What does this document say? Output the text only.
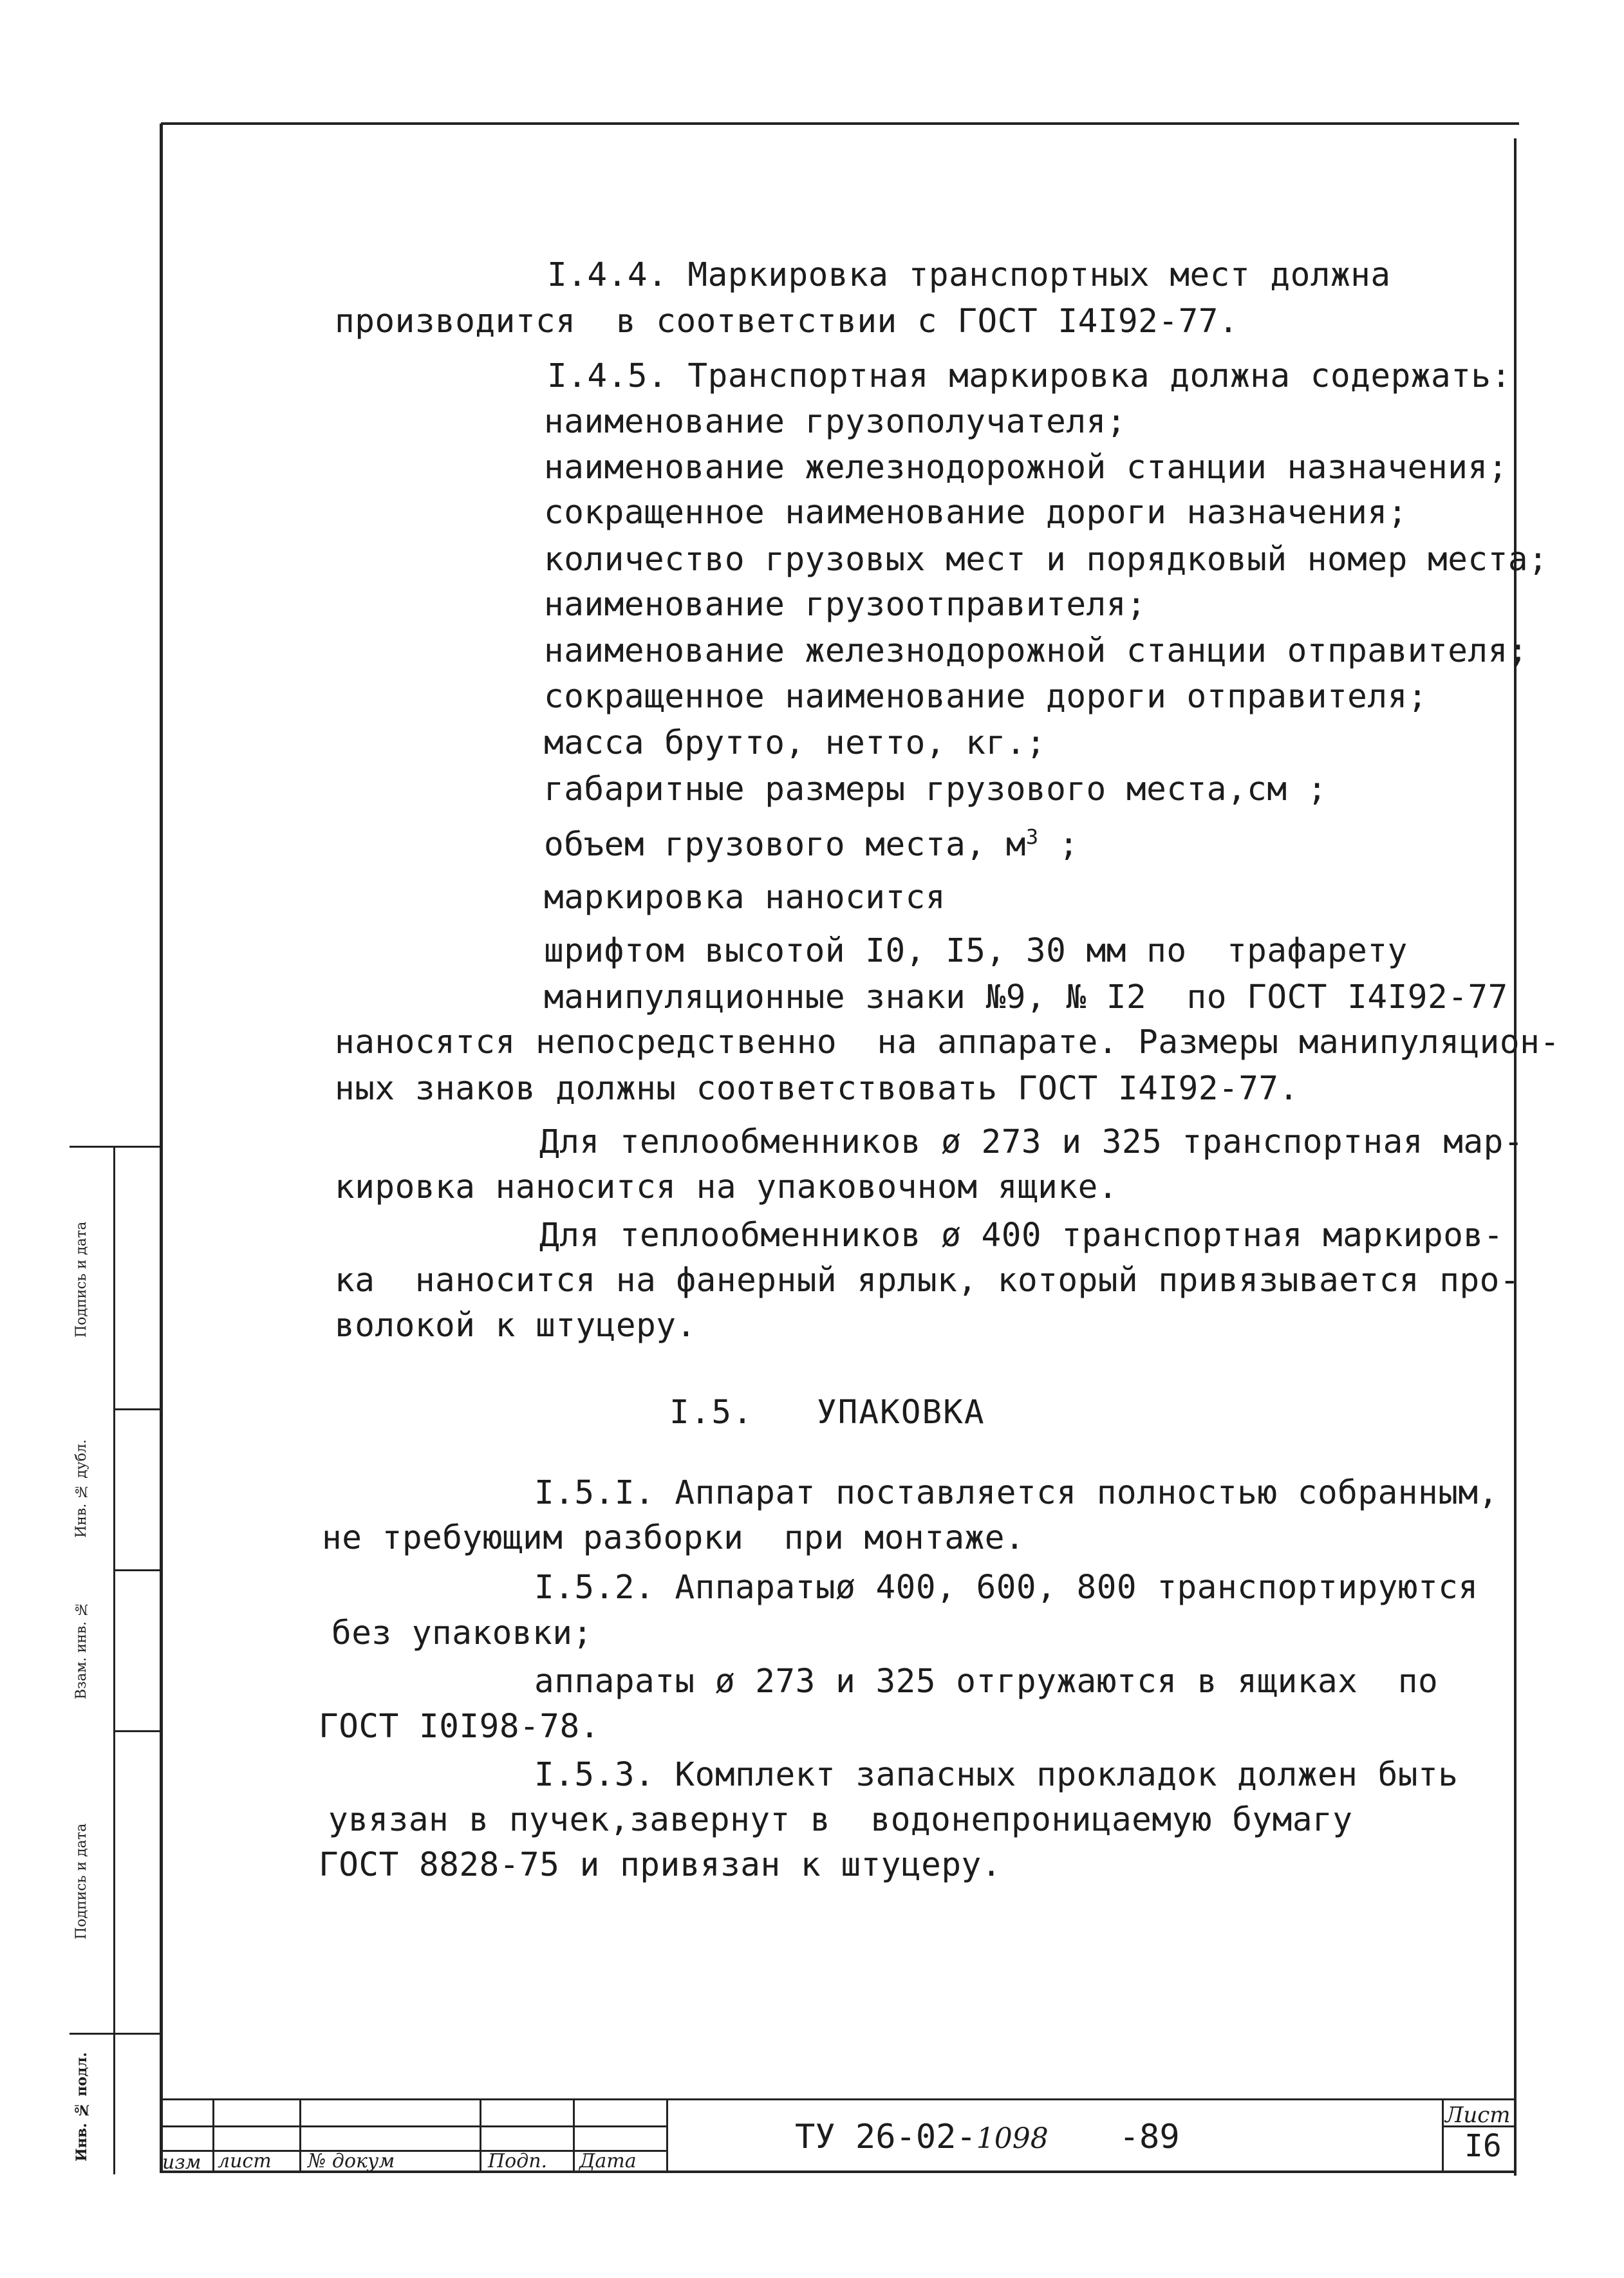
I.4.4. Маркировка транспортных мест должна
производится  в соответствии с ГОСТ I4I92-77.
I.4.5. Транспортная маркировка должна содержать:
наименование грузополучателя;
наименование железнодорожной станции назначения;
сокращенное наименование дороги назначения;
количество грузовых мест и порядковый номер места;
наименование грузоотправителя;
наименование железнодорожной станции отправителя;
сокращенное наименование дороги отправителя;
масса брутто, нетто, кг.;
габаритные размеры грузового места,см ;
объем грузового места, $м^3$ ;
маркировка наносится
шрифтом высотой I0, I5, 30 мм по  трафарету
манипуляционные знаки №9, № I2  по ГОСТ I4I92-77
наносятся непосредственно  на аппарате. Размеры манипуляцион-
ных знаков должны соответствовать ГОСТ I4I92-77.
Для теплообменников ø 273 и 325 транспортная мар-
кировка наносится на упаковочном ящике.
Для теплообменников ø 400 транспортная маркиров-
ка  наносится на фанерный ярлык, который привязывается про-
волокой к штуцеру.
I.5.   УПАКОВКА
I.5.I. Аппарат поставляется полностью собранным,
не требующим разборки  при монтаже.
I.5.2. Аппаратыø 400, 600, 800 транспортируются
без упаковки;
аппараты ø 273 и 325 отгружаются в ящиках  по
ГОСТ I0I98-78.
I.5.3. Комплект запасных прокладок должен быть
увязан в пучек,завернут в  водонепроницаемую бумагу
ГОСТ 8828-75 и привязан к штуцеру.
Подпись и дата
Инв. № дубл.
Взам. инв. №
Подпись и дата
Инв. № подл.
изм лист № докум	Подп. Дата
ТУ 26-02-1098 -89
Лист
I6
